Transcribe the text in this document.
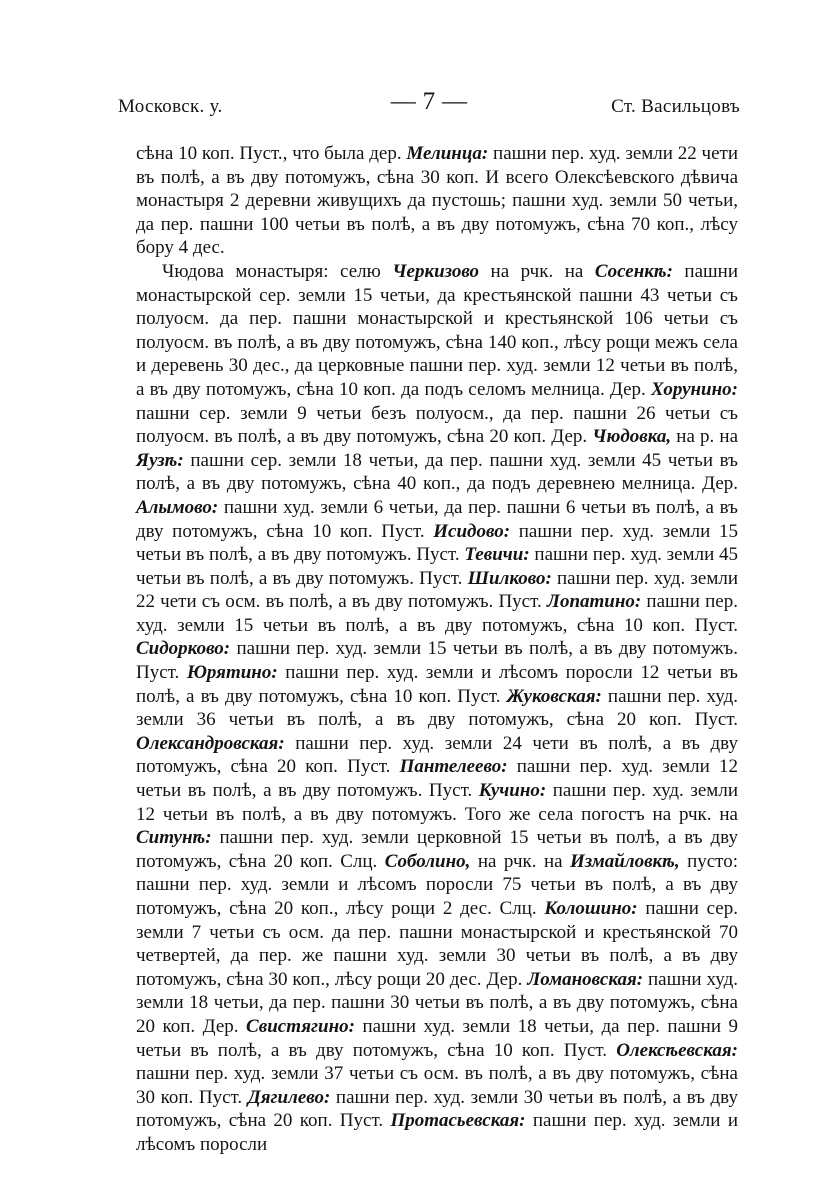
Московск. у.	— 7 —	Ст. Васильцовъ

сѣна 10 коп. Пуст., что была дер. Мелинца: пашни пер. худ. земли 22 чети въ полѣ, а въ дву потомужъ, сѣна 30 коп. И всего Олексѣевского дѣвича монастыря 2 деревни живущихъ да пустошь; пашни худ. земли 50 четьи, да пер. пашни 100 четьи въ полѣ, а въ дву потомужъ, сѣна 70 коп., лѣсу бору 4 дес.

Чюдова монастыря: селю Черкизово на рчк. на Сосенкѣ: пашни монастырской сер. земли 15 четьи, да крестьянской пашни 43 четьи съ полуосм. да пер. пашни монастырской и крестьянской 106 четьи съ полуосм. въ полѣ, а въ дву потомужъ, сѣна 140 коп., лѣсу рощи межъ села и деревень 30 дес., да церковные пашни пер. худ. земли 12 четьи въ полѣ, а въ дву потомужъ, сѣна 10 коп. да подъ селомъ мелница. Дер. Хорунино: пашни сер. земли 9 четьи безъ полуосм., да пер. пашни 26 четьи съ полуосм. въ полѣ, а въ дву потомужъ, сѣна 20 коп. Дер. Чюдовка, на р. на Яузѣ: пашни сер. земли 18 четьи, да пер. пашни худ. земли 45 четьи въ полѣ, а въ дву потомужъ, сѣна 40 коп., да подъ деревнею мелница. Дер. Алымово: пашни худ. земли 6 четьи, да пер. пашни 6 четьи въ полѣ, а въ дву потомужъ, сѣна 10 коп. Пуст. Исидово: пашни пер. худ. земли 15 четьи въ полѣ, а въ дву потомужъ. Пуст. Тевичи: пашни пер. худ. земли 45 четьи въ полѣ, а въ дву потомужъ. Пуст. Шилково: пашни пер. худ. земли 22 чети съ осм. въ полѣ, а въ дву потомужъ. Пуст. Лопатино: пашни пер. худ. земли 15 четьи въ полѣ, а въ дву потомужъ, сѣна 10 коп. Пуст. Сидорково: пашни пер. худ. земли 15 четьи въ полѣ, а въ дву потомужъ. Пуст. Юрятино: пашни пер. худ. земли и лѣсомъ поросли 12 четьи въ полѣ, а въ дву потомужъ, сѣна 10 коп. Пуст. Жуковская: пашни пер. худ. земли 36 четьи въ полѣ, а въ дву потомужъ, сѣна 20 коп. Пуст. Олександровская: пашни пер. худ. земли 24 чети въ полѣ, а въ дву потомужъ, сѣна 20 коп. Пуст. Пантелеево: пашни пер. худ. земли 12 четьи въ полѣ, а въ дву потомужъ. Пуст. Кучино: пашни пер. худ. земли 12 четьи въ полѣ, а въ дву потомужъ. Того же села погостъ на рчк. на Ситунѣ: пашни пер. худ. земли церковной 15 четьи въ полѣ, а въ дву потомужъ, сѣна 20 коп. Слц. Соболино, на рчк. на Измайловкѣ, пусто: пашни пер. худ. земли и лѣсомъ поросли 75 четьи въ полѣ, а въ дву потомужъ, сѣна 20 коп., лѣсу рощи 2 дес. Слц. Колошино: пашни сер. земли 7 четьи съ осм. да пер. пашни монастырской и крестьянской 70 четвертей, да пер. же пашни худ. земли 30 четьи въ полѣ, а въ дву потомужъ, сѣна 30 коп., лѣсу рощи 20 дес. Дер. Ломановская: пашни худ. земли 18 четьи, да пер. пашни 30 четьи въ полѣ, а въ дву потомужъ, сѣна 20 коп. Дер. Свистягино: пашни худ. земли 18 четьи, да пер. пашни 9 четьи въ полѣ, а въ дву потомужъ, сѣна 10 коп. Пуст. Олексѣевская: пашни пер. худ. земли 37 четьи съ осм. въ полѣ, а въ дву потомужъ, сѣна 30 коп. Пуст. Дягилево: пашни пер. худ. земли 30 четьи въ полѣ, а въ дву потомужъ, сѣна 20 коп. Пуст. Протасьевская: пашни пер. худ. земли и лѣсомъ поросли
